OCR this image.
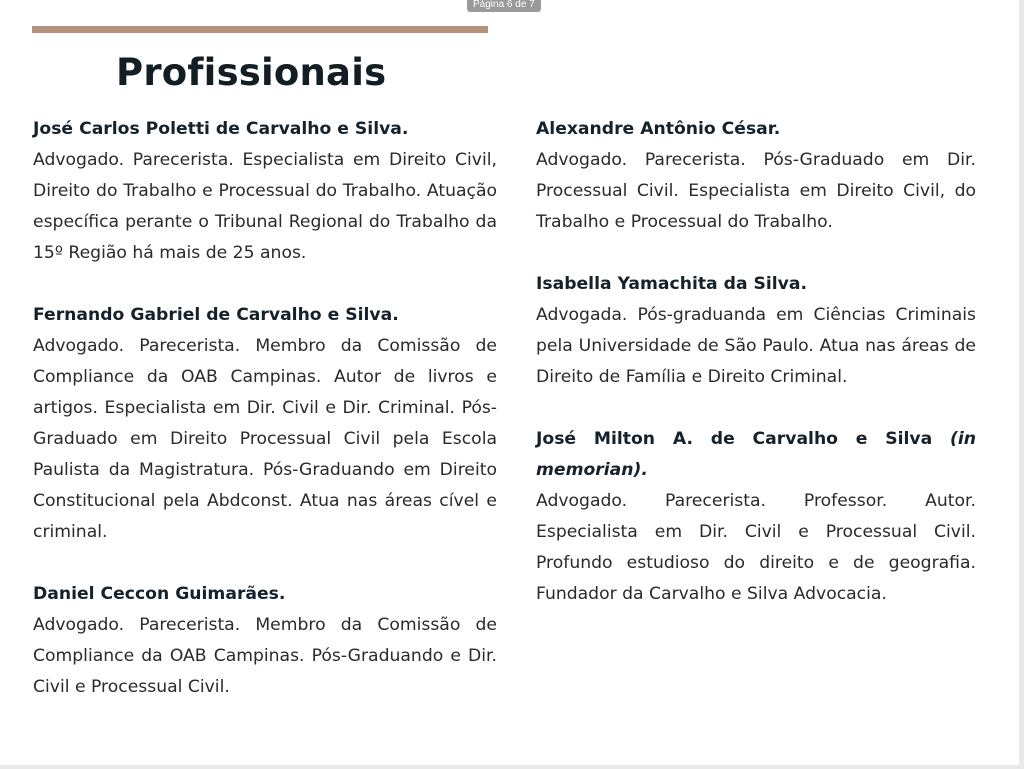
Profissionais

José Carlos Poletti de Carvalho e Silva.

Advogado. Parecerista. Especialista em Direito Civil, Direito do Trabalho e Processual do Trabalho. Atuação específica perante o Tribunal Regional do Trabalho da 15º Região há mais de 25 anos.

Fernando Gabriel de Carvalho e Silva.

Advogado. Parecerista. Membro da Comissão de Compliance da OAB Campinas. Autor de livros e artigos. Especialista em Dir. Civil e Dir. Criminal. Pós-Graduado em Direito Processual Civil pela Escola Paulista da Magistratura. Pós-Graduando em Direito Constitucional pela Abdconst. Atua nas áreas cível e criminal.

Daniel Ceccon Guimarães.

Advogado. Parecerista. Membro da Comissão de Compliance da OAB Campinas. Pós-Graduando e Dir. Civil e Processual Civil.

Alexandre Antônio César.

Advogado. Parecerista. Pós-Graduado em Dir. Processual Civil. Especialista em Direito Civil, do Trabalho e Processual do Trabalho.

Isabella Yamachita da Silva.

Advogada. Pós-graduanda em Ciências Criminais pela Universidade de São Paulo. Atua nas áreas de Direito de Família e Direito Criminal.

José Milton A. de Carvalho e Silva (in memorian).

Advogado. Parecerista. Professor. Autor. Especialista em Dir. Civil e Processual Civil. Profundo estudioso do direito e de geografia. Fundador da Carvalho e Silva Advocacia.

Página 6 de 7
